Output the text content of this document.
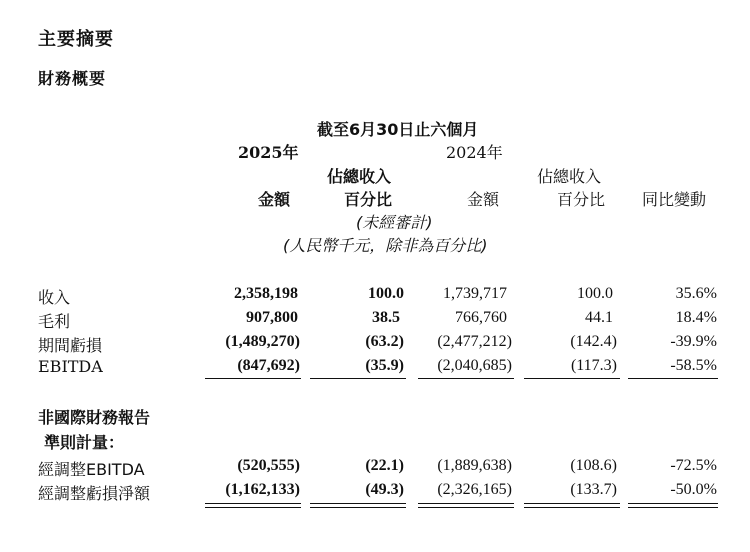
主要摘要
財務概要
截至6月30日止六個月
2025年	2024年
佔總收入	佔總收入
金額	百分比	金額	百分比 同比變動
(未經審計)
(人民幣千元，除非為百分比)
收入	2,358,198	100.0 1,739,717	100.0	35.6%
毛利	907,800	38.5	766,760	44.1	18.4%
期間虧損	(1,489,270)	(63.2) (2,477,212)	(142.4)	-39.9%
EBITDA	(847,692)	(35.9) (2,040,685)	(117.3)	-58.5%
非國際財務報告
準則計量：
經調整EBITDA	(520,555)	(22.1) (1,889,638)	(108.6)	-72.5%
經調整虧損淨額	(1,162,133)	(49.3) (2,326,165)	(133.7)	-50.0%
